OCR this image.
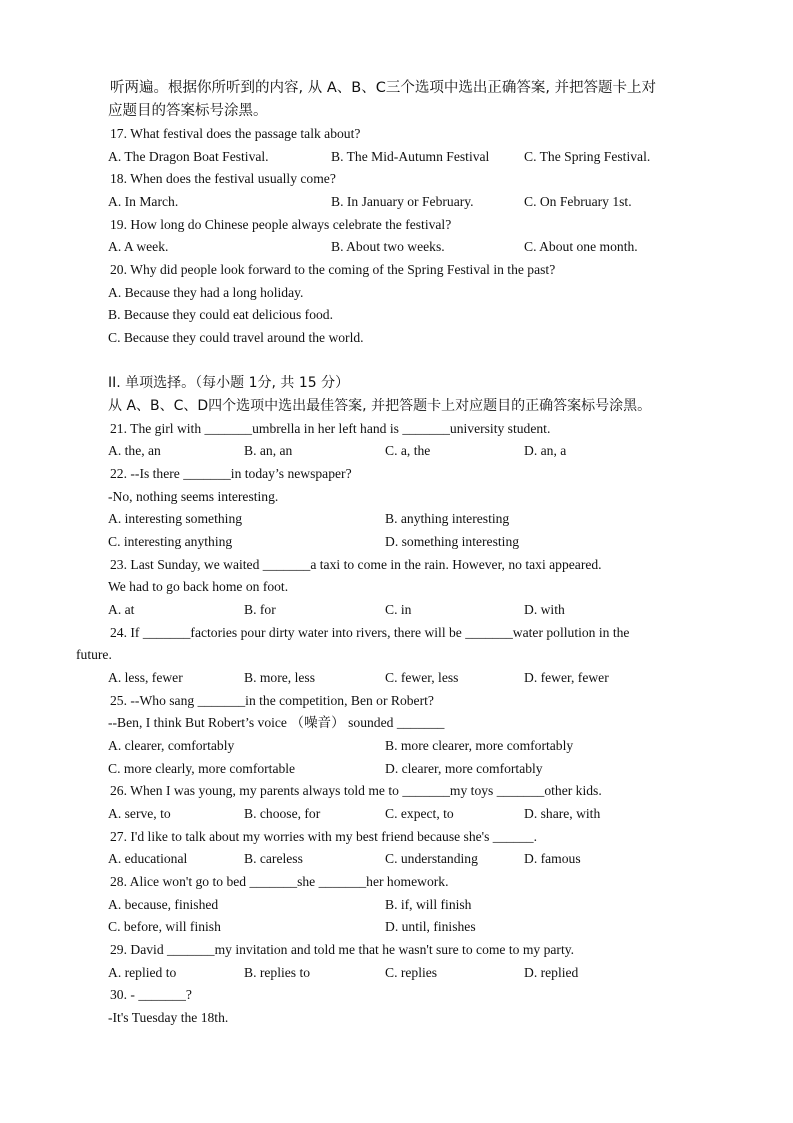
听两遍。根据你所听到的内容, 从 A、B、C三个选项中选出正确答案, 并把答题卡上对
应题目的答案标号涂黑。
17. What festival does the passage talk about?
A. The Dragon Boat Festival.	B. The Mid-Autumn Festival	C. The Spring Festival.
18. When does the festival usually come?
A. In March.	B. In January or February.	C. On February 1st.
19. How long do Chinese people always celebrate the festival?
A. A week.	B. About two weeks.	C. About one month.
20. Why did people look forward to the coming of the Spring Festival in the past?
A. Because they had a long holiday.
B. Because they could eat delicious food.
C. Because they could travel around the world.
II. 单项选择。（每小题 1分, 共 15 分）
从 A、B、C、D四个选项中选出最佳答案, 并把答题卡上对应题目的正确答案标号涂黑。
21. The girl with _______umbrella in her left hand is _______university student.
A. the, an	B. an, an	C. a, the	D. an, a
22. --Is there _______in today’s newspaper?
-No, nothing seems interesting.
A. interesting something	B. anything interesting
C. interesting anything	D. something interesting
23. Last Sunday, we waited _______a taxi to come in the rain. However, no taxi appeared.
We had to go back home on foot.
A. at	B. for	C. in	D. with
24. If _______factories pour dirty water into rivers, there will be _______water pollution in the
future.
A. less, fewer	B. more, less	C. fewer, less	D. fewer, fewer
25. --Who sang _______in the competition, Ben or Robert?
--Ben, I think But Robert’s voice （噪音） sounded _______
A. clearer, comfortably	B. more clearer, more comfortably
C. more clearly, more comfortable	D. clearer, more comfortably
26. When I was young, my parents always told me to _______my toys _______other kids.
A. serve, to	B. choose, for	C. expect, to	D. share, with
27. I'd like to talk about my worries with my best friend because she's ______.
A. educational	B. careless	C. understanding	D. famous
28. Alice won't go to bed _______she _______her homework.
A. because, finished	B. if, will finish
C. before, will finish	D. until, finishes
29. David _______my invitation and told me that he wasn't sure to come to my party.
A. replied to	B. replies to	C. replies	D. replied
30. - _______?
-It's Tuesday the 18th.
